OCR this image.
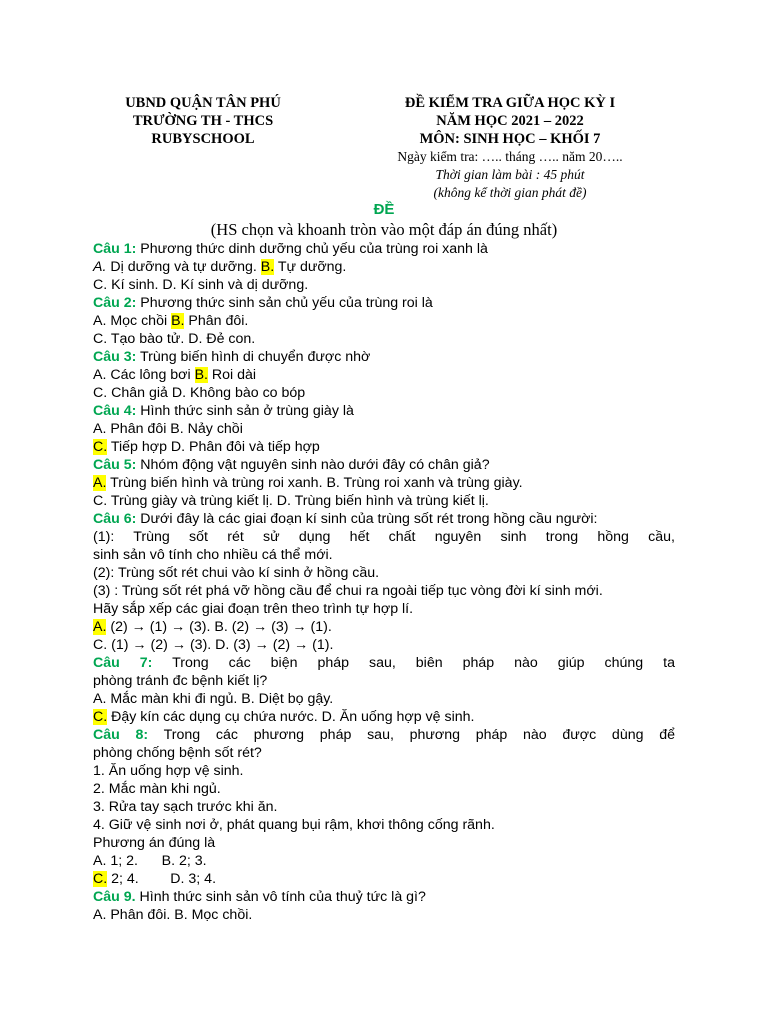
UBND QUẬN TÂN PHÚ
TRƯỜNG TH - THCS
RUBYSCHOOL
ĐỀ KIỂM TRA GIỮA HỌC KỲ I
NĂM HỌC 2021 – 2022
MÔN: SINH HỌC – KHỐI 7
Ngày kiểm tra: ….. tháng ….. năm 20…..
Thời gian làm bài : 45 phút
(không kể thời gian phát đề)
ĐỀ
(HS chọn và khoanh tròn vào một đáp án đúng nhất)
Câu 1: Phương thức dinh dưỡng chủ yếu của trùng roi xanh là
A. Dị dưỡng và tự dưỡng. B. Tự dưỡng.
C. Kí sinh. D. Kí sinh và dị dưỡng.
Câu 2: Phương thức sinh sản chủ yếu của trùng roi là
A. Mọc chồi B. Phân đôi.
C. Tạo bào tử. D. Đẻ con.
Câu 3: Trùng biến hình di chuyển được nhờ
A. Các lông bơi B. Roi dài
C. Chân giả D. Không bào co bóp
Câu 4: Hình thức sinh sản ở trùng giày là
A. Phân đôi B. Nảy chồi
C. Tiếp hợp D. Phân đôi và tiếp hợp
Câu 5: Nhóm động vật nguyên sinh nào dưới đây có chân giả?
A. Trùng biến hình và trùng roi xanh. B. Trùng roi xanh và trùng giày.
C. Trùng giày và trùng kiết lị. D. Trùng biến hình và trùng kiết lị.
Câu 6: Dưới đây là các giai đoạn kí sinh của trùng sốt rét trong hồng cầu người:
(1): Trùng sốt rét sử dụng hết chất nguyên sinh trong hồng cầu,
sinh sản vô tính cho nhiều cá thể mới.
(2): Trùng sốt rét chui vào kí sinh ở hồng cầu.
(3) : Trùng sốt rét phá vỡ hồng cầu để chui ra ngoài tiếp tục vòng đời kí sinh mới.
Hãy sắp xếp các giai đoạn trên theo trình tự hợp lí.
A. (2) → (1) → (3). B. (2) → (3) → (1).
C. (1) → (2) → (3). D. (3) → (2) → (1).
Câu 7: Trong các biện pháp sau, biên pháp nào giúp chúng ta
phòng tránh đc bệnh kiết lị?
A. Mắc màn khi đi ngủ. B. Diệt bọ gậy.
C. Đậy kín các dụng cụ chứa nước. D. Ăn uống hợp vệ sinh.
Câu 8: Trong các phương pháp sau, phương pháp nào được dùng để
phòng chống bệnh sốt rét?
1. Ăn uống hợp vệ sinh.
2. Mắc màn khi ngủ.
3. Rửa tay sạch trước khi ăn.
4. Giữ vệ sinh nơi ở, phát quang bụi rậm, khơi thông cống rãnh.
Phương án đúng là
A. 1; 2.      B. 2; 3.
C. 2; 4.        D. 3; 4.
Câu 9. Hình thức sinh sản vô tính của thuỷ tức là gì?
A. Phân đôi. B. Mọc chồi.
